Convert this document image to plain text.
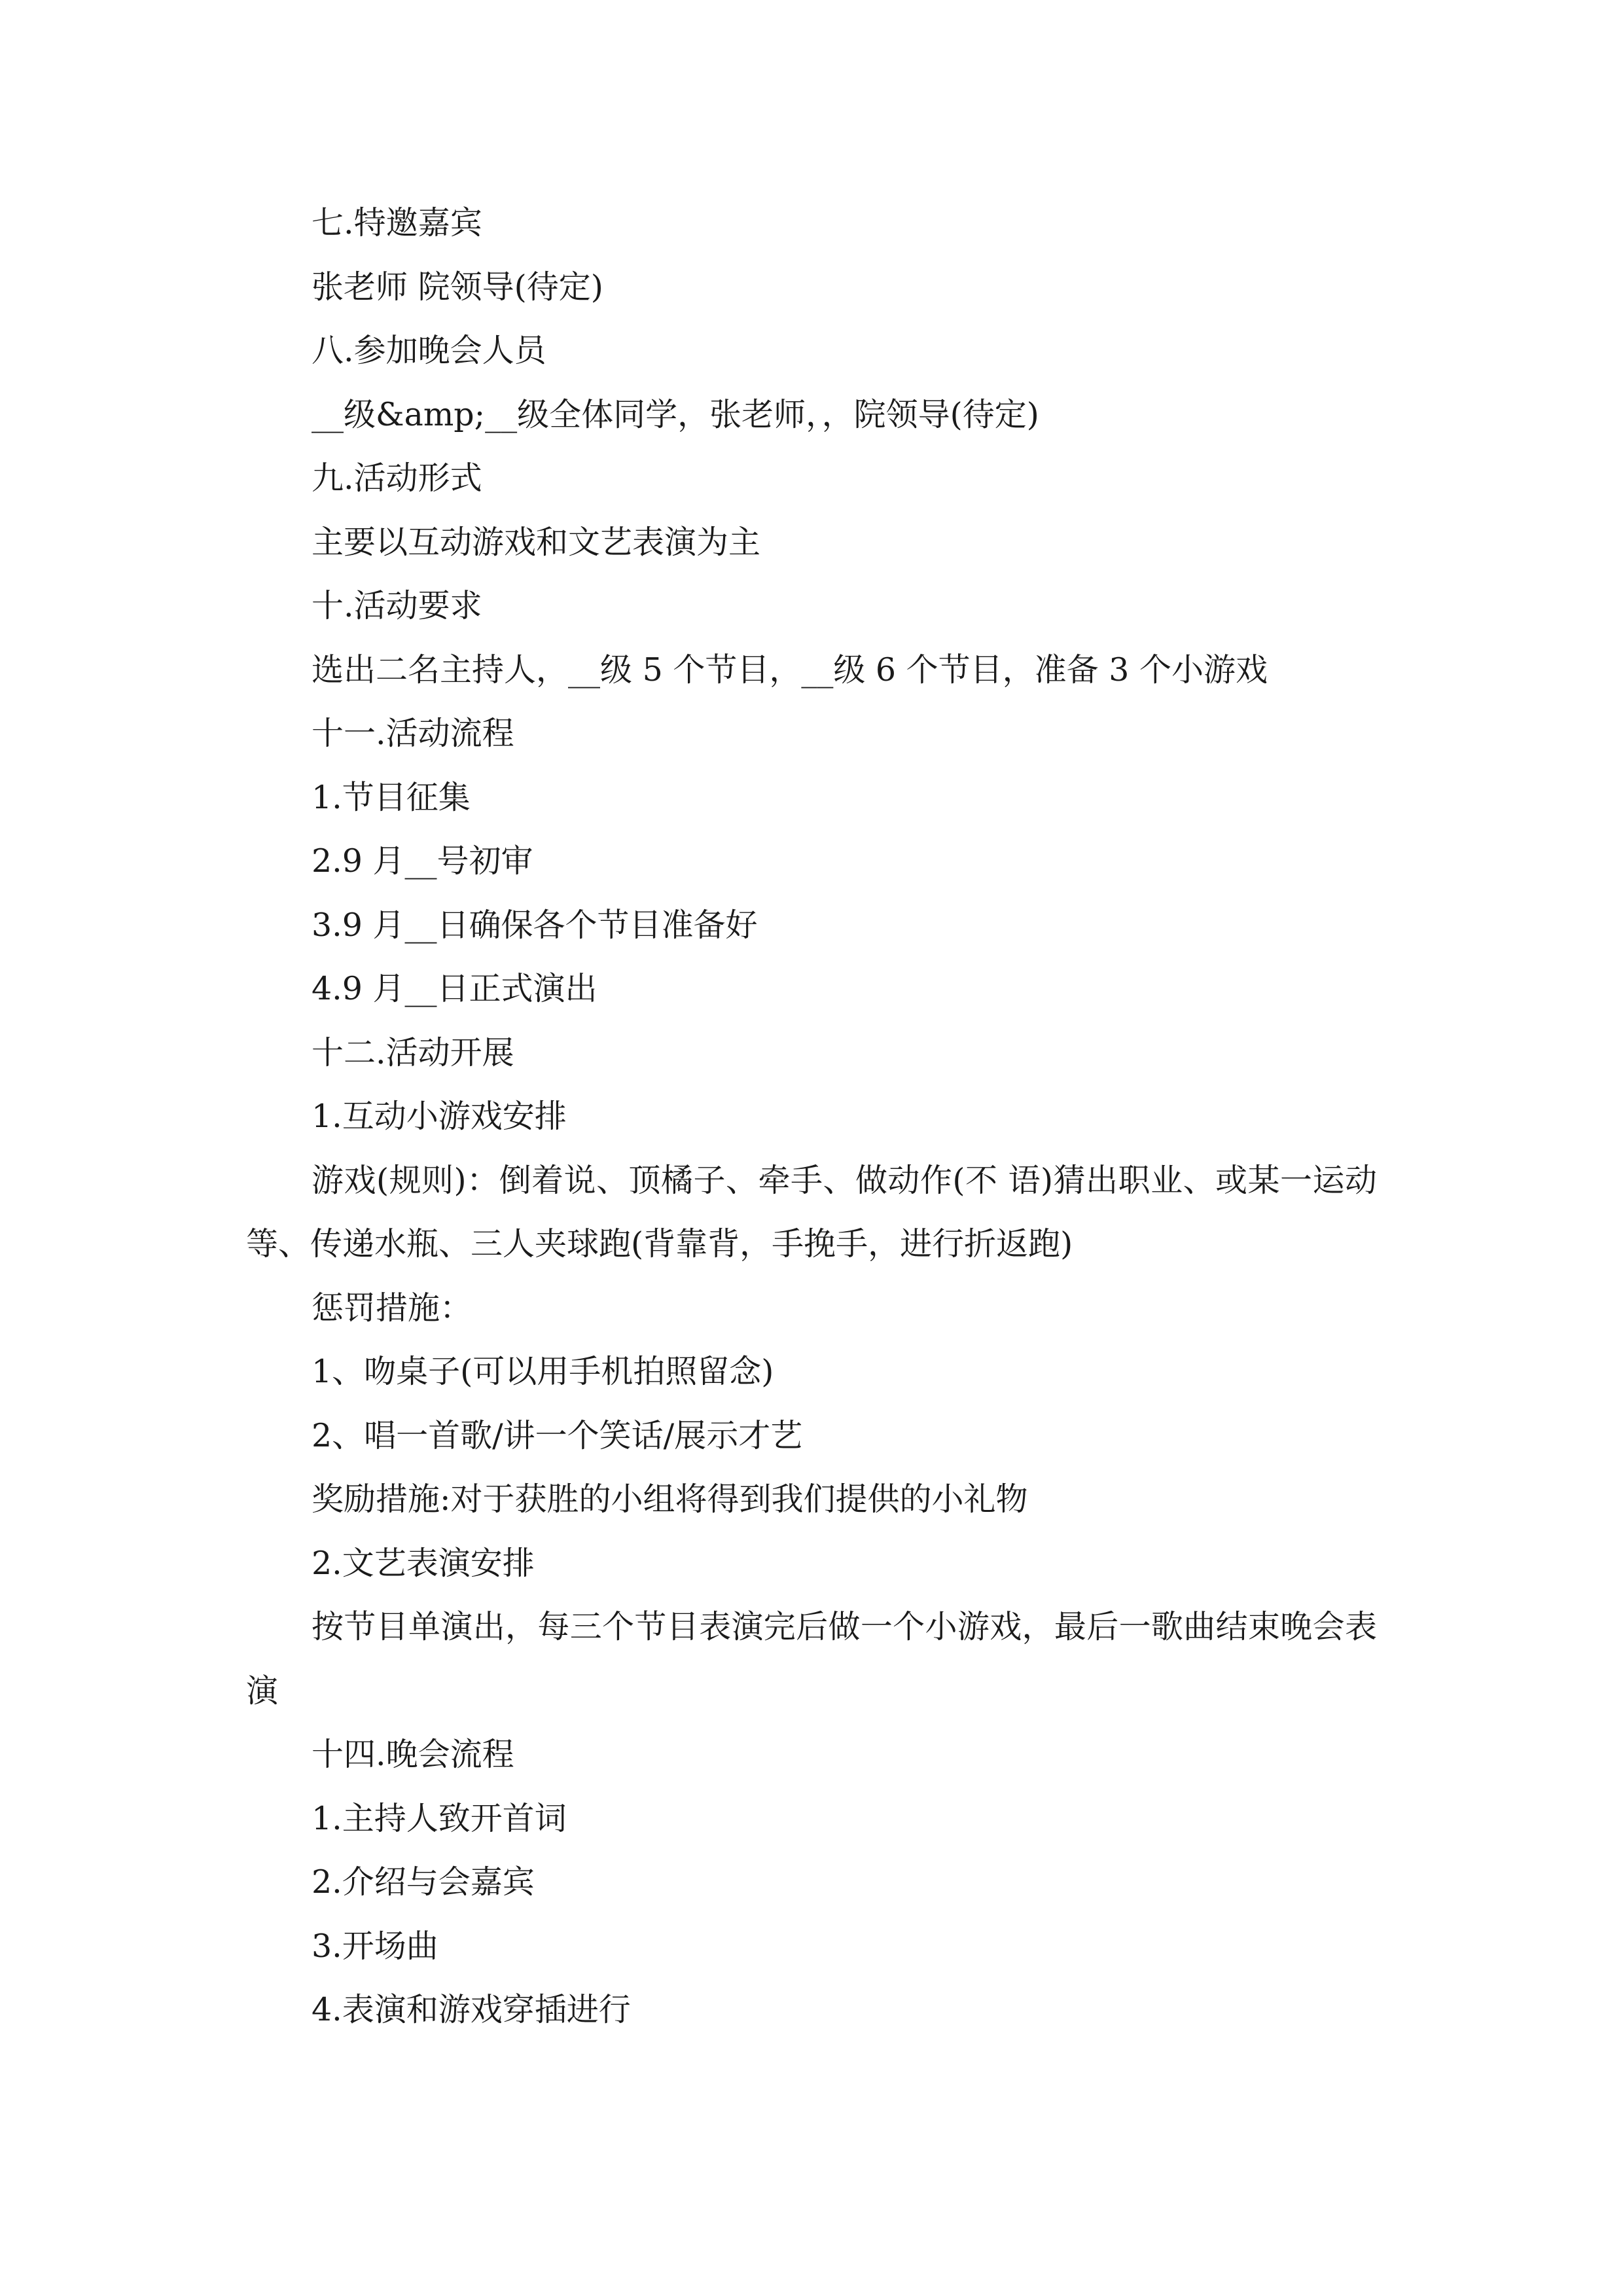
七.特邀嘉宾
张老师 院领导(待定)
八.参加晚会人员
__级&amp;__级全体同学，张老师，，院领导(待定)
九.活动形式
主要以互动游戏和文艺表演为主
十.活动要求
选出二名主持人，__级 5 个节目，__级 6 个节目，准备 3 个小游戏
十一.活动流程
1.节目征集
2.9 月__号初审
3.9 月__日确保各个节目准备好
4.9 月__日正式演出
十二.活动开展
1.互动小游戏安排
游戏(规则)：倒着说、顶橘子、牵手、做动作(不 语)猜出职业、或某一运动等、传递水瓶、三人夹球跑(背靠背，手挽手，进行折返跑)
惩罚措施：
1、吻桌子(可以用手机拍照留念)
2、唱一首歌/讲一个笑话/展示才艺
奖励措施:对于获胜的小组将得到我们提供的小礼物
2.文艺表演安排
按节目单演出，每三个节目表演完后做一个小游戏，最后一歌曲结束晚会表演
十四.晚会流程
1.主持人致开首词
2.介绍与会嘉宾
3.开场曲
4.表演和游戏穿插进行
